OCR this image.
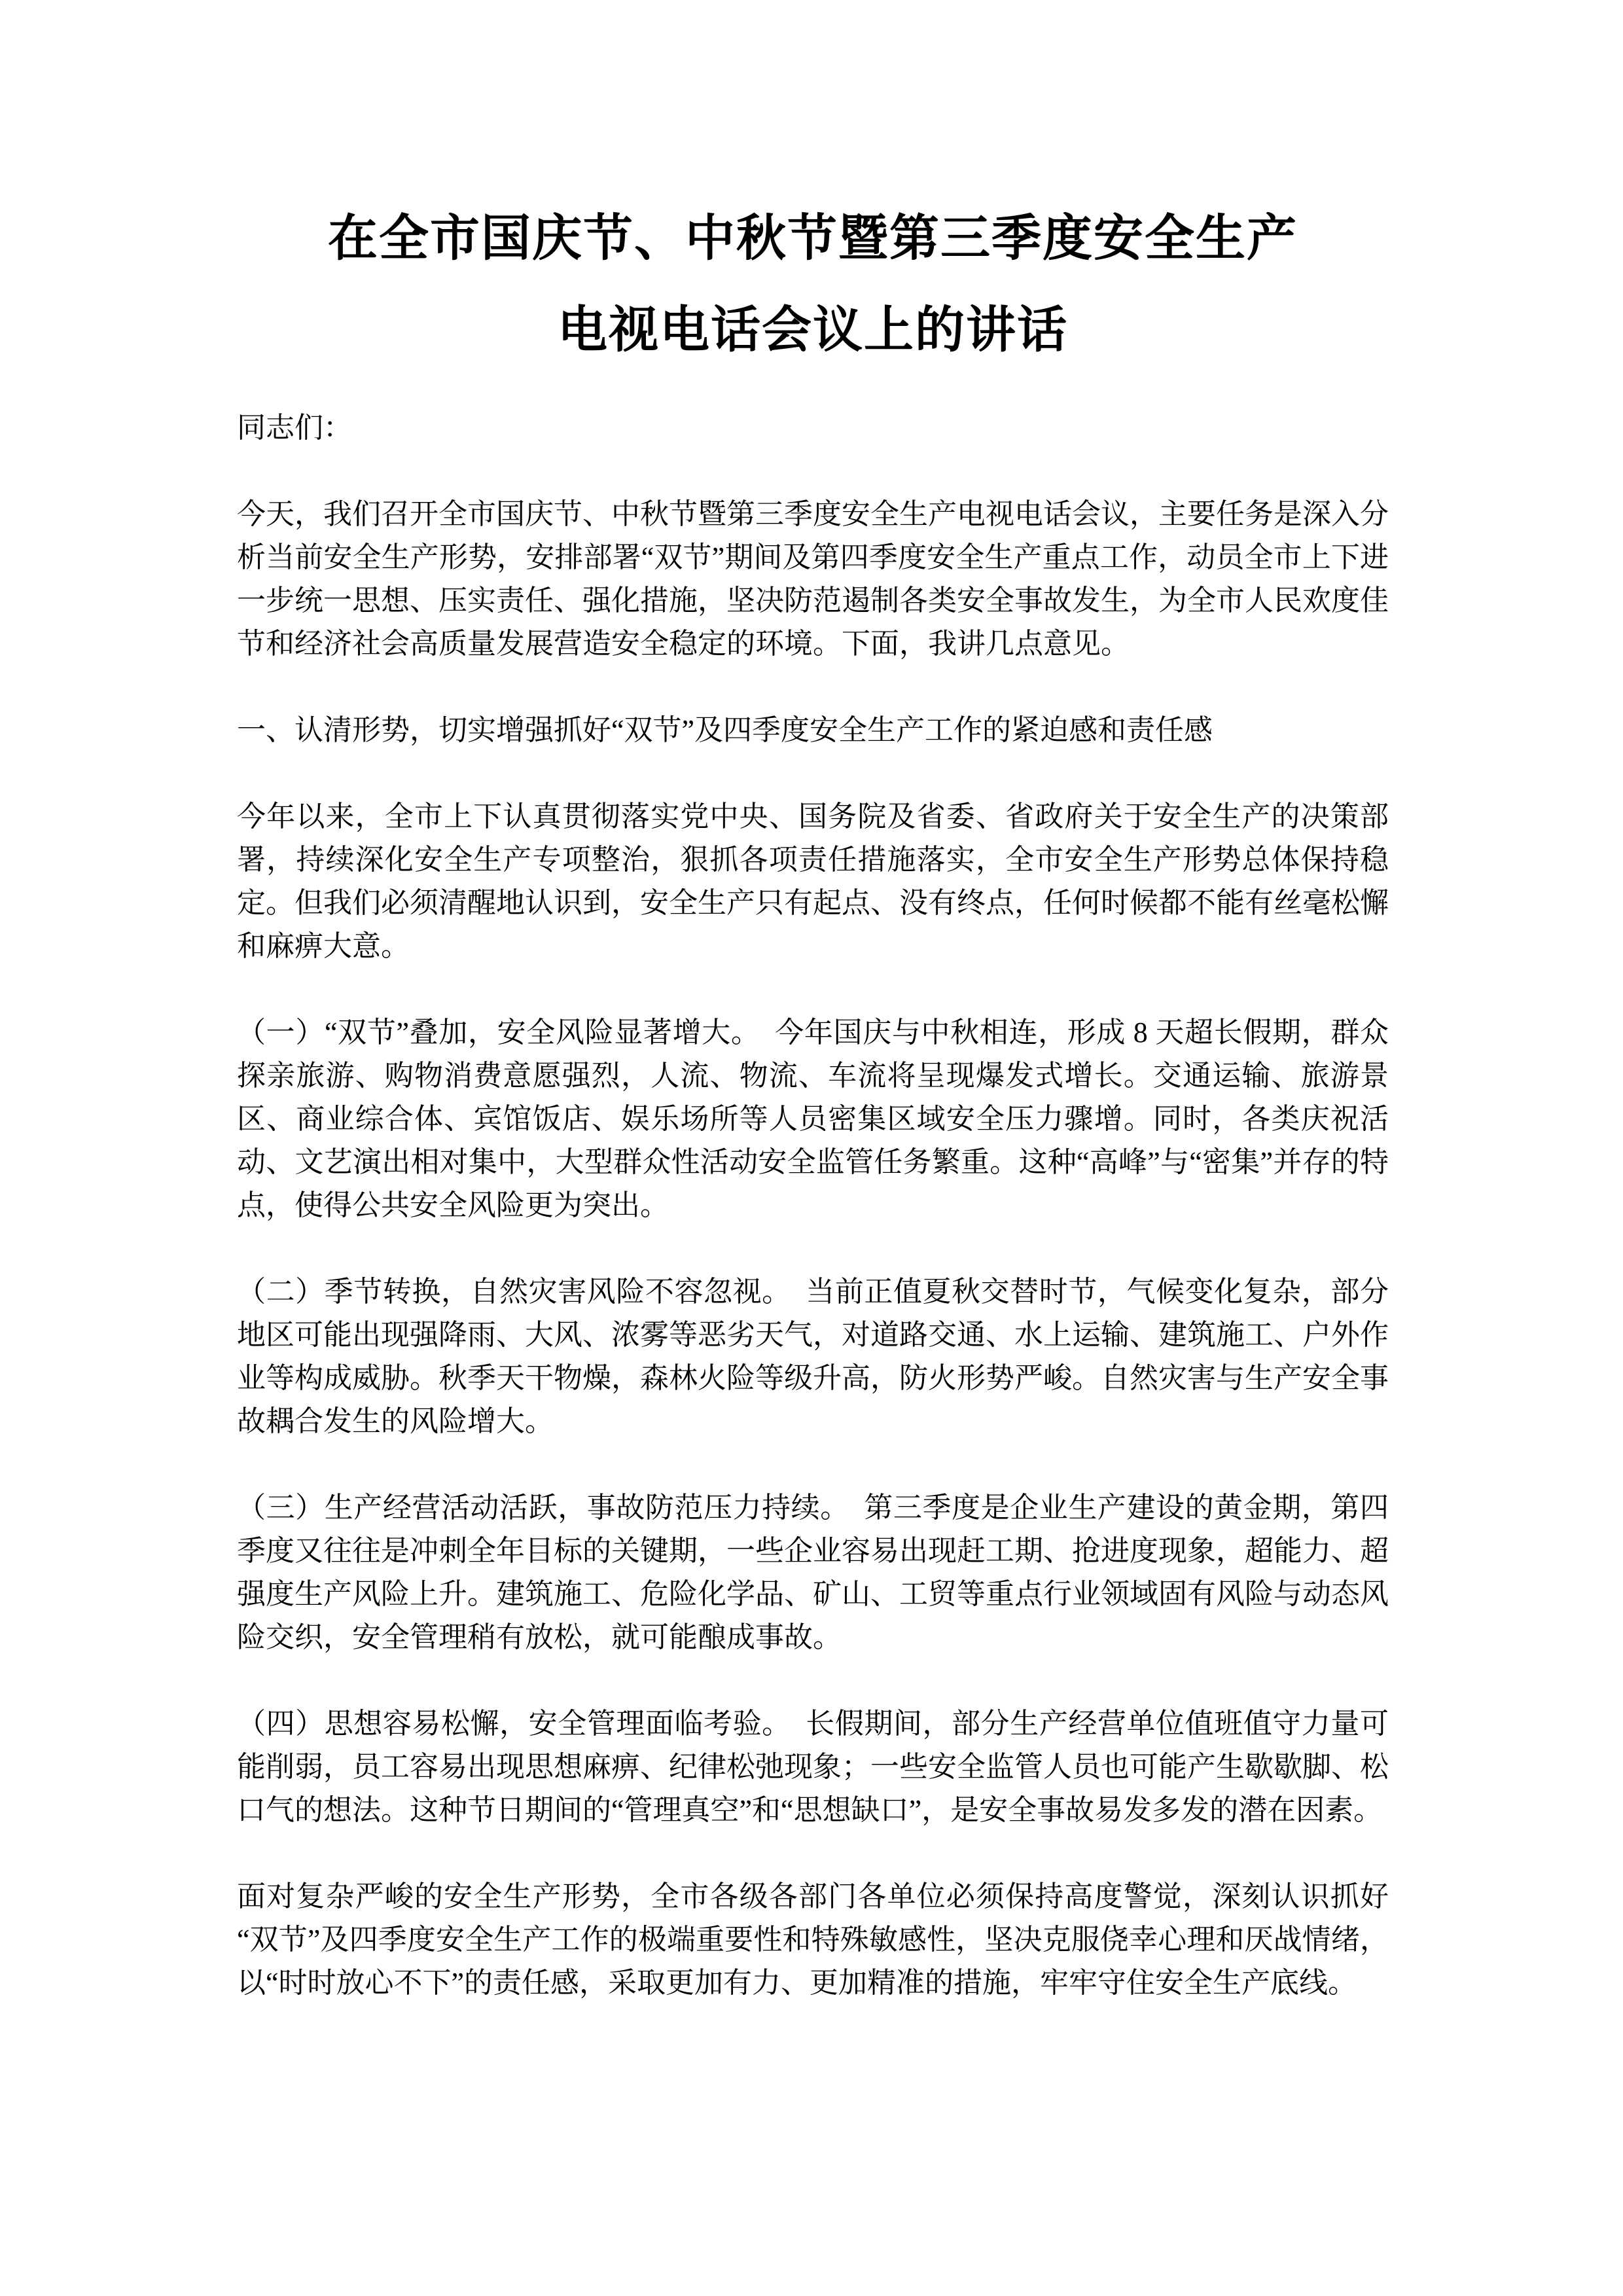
在全市国庆节、中秋节暨第三季度安全生产
电视电话会议上的讲话
同志们：
今天，我们召开全市国庆节、中秋节暨第三季度安全生产电视电话会议，主要任务是深入分析当前安全生产形势，安排部署“双节”期间及第四季度安全生产重点工作，动员全市上下进一步统一思想、压实责任、强化措施，坚决防范遏制各类安全事故发生，为全市人民欢度佳节和经济社会高质量发展营造安全稳定的环境。下面，我讲几点意见。
一、认清形势，切实增强抓好“双节”及四季度安全生产工作的紧迫感和责任感
今年以来，全市上下认真贯彻落实党中央、国务院及省委、省政府关于安全生产的决策部署，持续深化安全生产专项整治，狠抓各项责任措施落实，全市安全生产形势总体保持稳定。但我们必须清醒地认识到，安全生产只有起点、没有终点，任何时候都不能有丝毫松懈和麻痹大意。
（一）“双节”叠加，安全风险显著增大。　今年国庆与中秋相连，形成 8 天超长假期，群众探亲旅游、购物消费意愿强烈，人流、物流、车流将呈现爆发式增长。交通运输、旅游景区、商业综合体、宾馆饭店、娱乐场所等人员密集区域安全压力骤增。同时，各类庆祝活动、文艺演出相对集中，大型群众性活动安全监管任务繁重。这种“高峰”与“密集”并存的特点，使得公共安全风险更为突出。
（二）季节转换，自然灾害风险不容忽视。　当前正值夏秋交替时节，气候变化复杂，部分地区可能出现强降雨、大风、浓雾等恶劣天气，对道路交通、水上运输、建筑施工、户外作业等构成威胁。秋季天干物燥，森林火险等级升高，防火形势严峻。自然灾害与生产安全事故耦合发生的风险增大。
（三）生产经营活动活跃，事故防范压力持续。　第三季度是企业生产建设的黄金期，第四季度又往往是冲刺全年目标的关键期，一些企业容易出现赶工期、抢进度现象，超能力、超强度生产风险上升。建筑施工、危险化学品、矿山、工贸等重点行业领域固有风险与动态风险交织，安全管理稍有放松，就可能酿成事故。
（四）思想容易松懈，安全管理面临考验。　长假期间，部分生产经营单位值班值守力量可能削弱，员工容易出现思想麻痹、纪律松弛现象；一些安全监管人员也可能产生歇歇脚、松口气的想法。这种节日期间的“管理真空”和“思想缺口”，是安全事故易发多发的潜在因素。
面对复杂严峻的安全生产形势，全市各级各部门各单位必须保持高度警觉，深刻认识抓好“双节”及四季度安全生产工作的极端重要性和特殊敏感性，坚决克服侥幸心理和厌战情绪，以“时时放心不下”的责任感，采取更加有力、更加精准的措施，牢牢守住安全生产底线。
